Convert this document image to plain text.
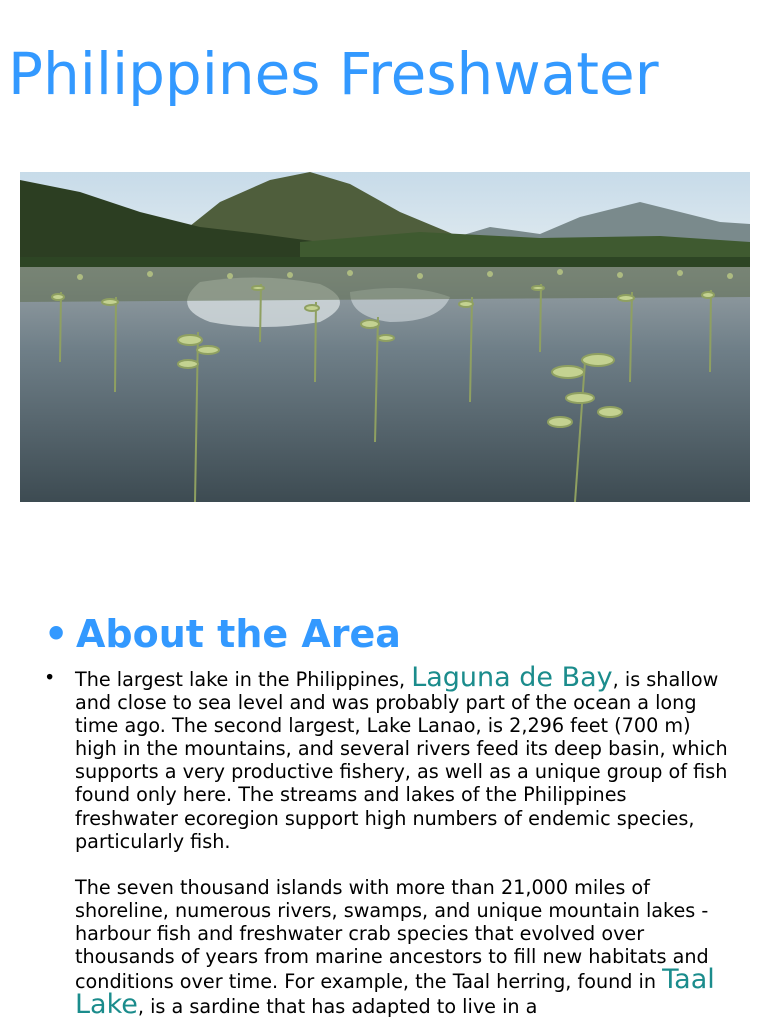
Philippines Freshwater
• About the Area
•	The largest lake in the Philippines, Laguna de Bay, is shallow and close to sea level and was probably part of the ocean a long time ago. The second largest, Lake Lanao, is 2,296 feet (700 m) high in the mountains, and several rivers feed its deep basin, which supports a very productive fishery, as well as a unique group of fish found only here. The streams and lakes of the Philippines freshwater ecoregion support high numbers of endemic species, particularly fish.
The seven thousand islands with more than 21,000 miles of shoreline, numerous rivers, swamps, and unique mountain lakes - harbour fish and freshwater crab species that evolved over thousands of years from marine ancestors to fill new habitats and conditions over time. For example, the Taal herring, found in Taal Lake, is a sardine that has adapted to live in a
